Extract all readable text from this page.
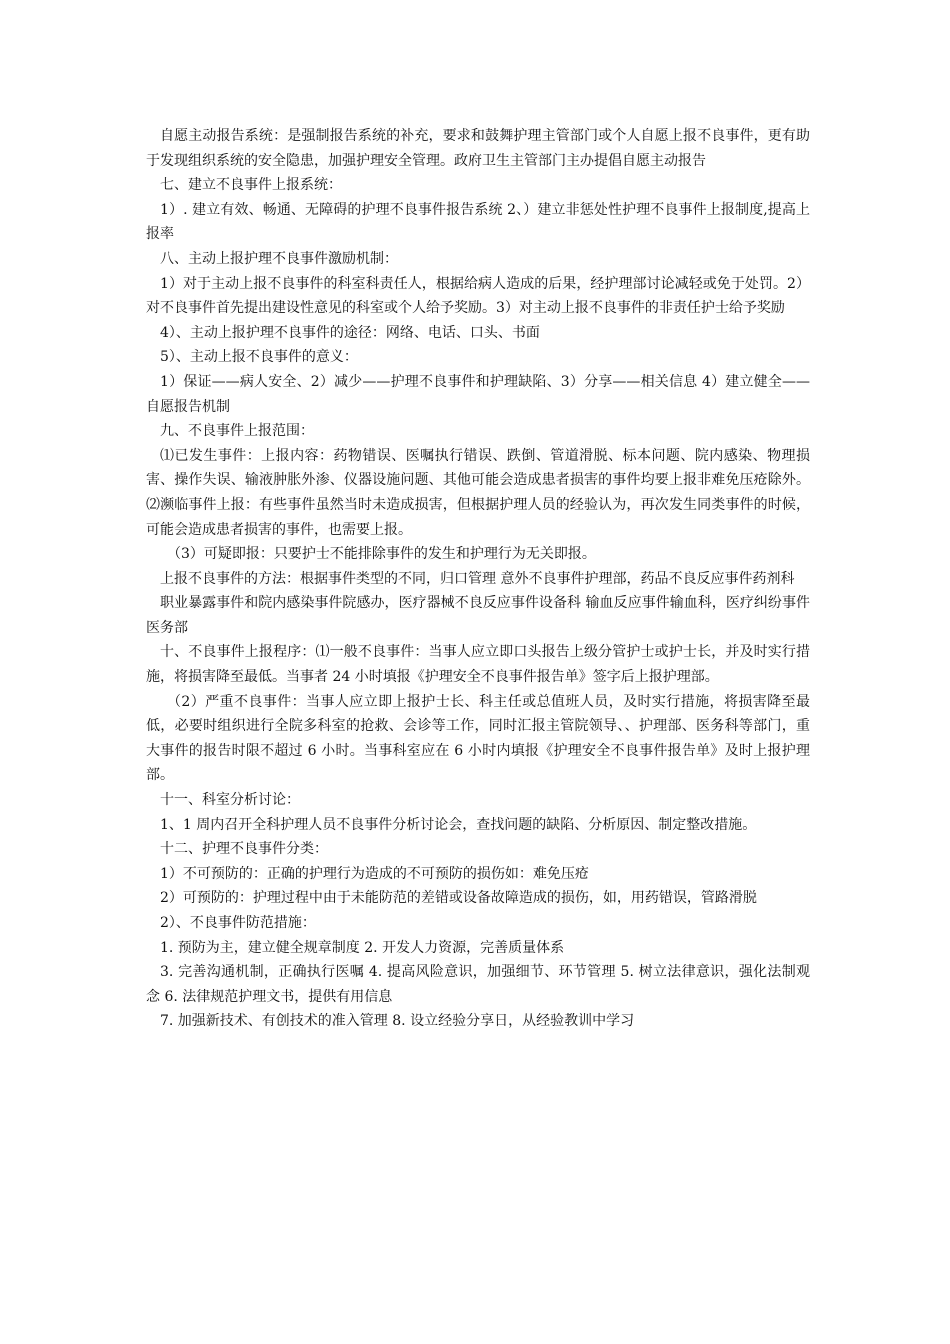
自愿主动报告系统：是强制报告系统的补充，要求和鼓舞护理主管部门或个人自愿上报不良事件，更有助于发现组织系统的安全隐患，加强护理安全管理。政府卫生主管部门主办提倡自愿主动报告

七、建立不良事件上报系统：

1）. 建立有效、畅通、无障碍的护理不良事件报告系统 2、）建立非惩处性护理不良事件上报制度,提高上报率

八、主动上报护理不良事件激励机制：

1）对于主动上报不良事件的科室科责任人，根据给病人造成的后果，经护理部讨论减轻或免于处罚。2）对不良事件首先提出建设性意见的科室或个人给予奖励。3）对主动上报不良事件的非责任护士给予奖励

4）、主动上报护理不良事件的途径：网络、电话、口头、书面

5）、主动上报不良事件的意义：

1）保证——病人安全、2）减少——护理不良事件和护理缺陷、3）分享——相关信息 4）建立健全——自愿报告机制

九、不良事件上报范围：

⑴已发生事件：上报内容：药物错误、医嘱执行错误、跌倒、管道滑脱、标本问题、院内感染、物理损害、操作失误、输液肿胀外渗、仪器设施问题、其他可能会造成患者损害的事件均要上报非难免压疮除外。⑵濒临事件上报：有些事件虽然当时未造成损害，但根据护理人员的经验认为，再次发生同类事件的时候，可能会造成患者损害的事件，也需要上报。

（3）可疑即报：只要护士不能排除事件的发生和护理行为无关即报。

上报不良事件的方法：根据事件类型的不同，归口管理 意外不良事件护理部，药品不良反应事件药剂科

职业暴露事件和院内感染事件院感办，医疗器械不良反应事件设备科 输血反应事件输血科，医疗纠纷事件医务部

十、不良事件上报程序：⑴一般不良事件：当事人应立即口头报告上级分管护士或护士长，并及时实行措施，将损害降至最低。当事者 24 小时填报《护理安全不良事件报告单》签字后上报护理部。

（2）严重不良事件：当事人应立即上报护士长、科主任或总值班人员，及时实行措施，将损害降至最低，必要时组织进行全院多科室的抢救、会诊等工作，同时汇报主管院领导、、护理部、医务科等部门，重大事件的报告时限不超过 6 小时。当事科室应在 6 小时内填报《护理安全不良事件报告单》及时上报护理部。

十一、科室分析讨论：

1、1 周内召开全科护理人员不良事件分析讨论会，查找问题的缺陷、分析原因、制定整改措施。

十二、护理不良事件分类：

1）不可预防的：正确的护理行为造成的不可预防的损伤如：难免压疮

2）可预防的：护理过程中由于未能防范的差错或设备故障造成的损伤，如，用药错误，管路滑脱

2）、不良事件防范措施：

1. 预防为主，建立健全规章制度 2. 开发人力资源，完善质量体系

3. 完善沟通机制，正确执行医嘱 4. 提高风险意识，加强细节、环节管理 5. 树立法律意识，强化法制观念 6. 法律规范护理文书，提供有用信息

7. 加强新技术、有创技术的准入管理 8. 设立经验分享日，从经验教训中学习
